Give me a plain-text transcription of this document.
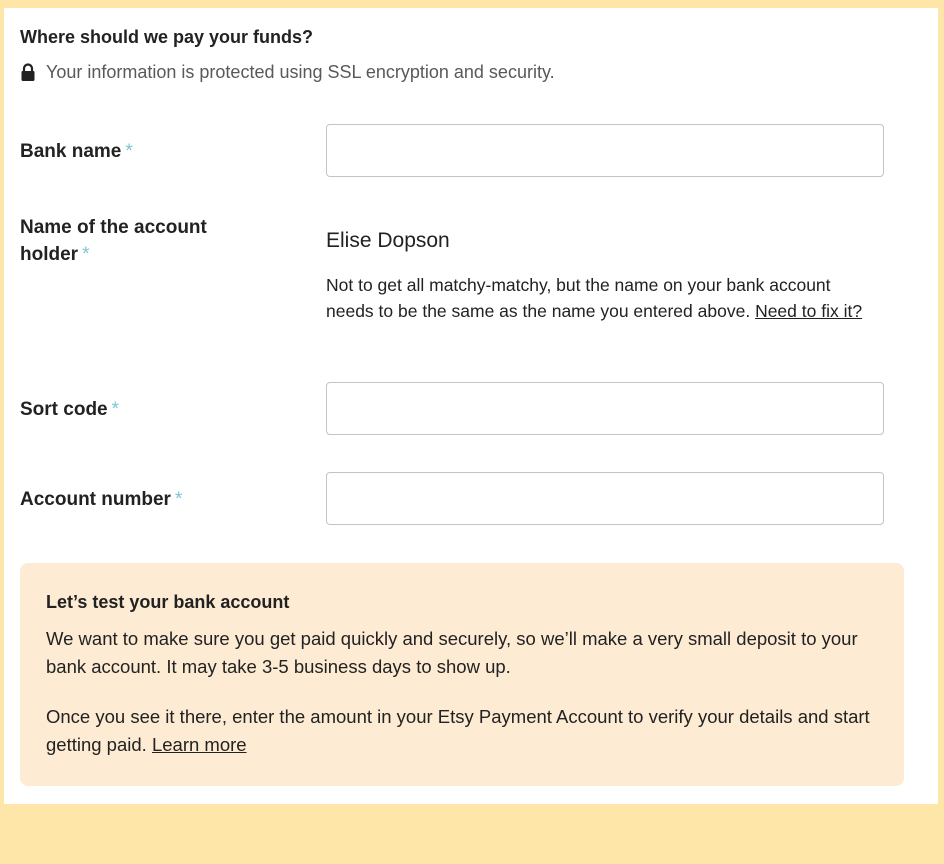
Where should we pay your funds?
Your information is protected using SSL encryption and security.
Bank name *
Name of the account holder *
Elise Dopson
Not to get all matchy-matchy, but the name on your bank account needs to be the same as the name you entered above. Need to fix it?
Sort code *
Account number *

Let’s test your bank account

We want to make sure you get paid quickly and securely, so we’ll make a very small deposit to your bank account. It may take 3-5 business days to show up.

Once you see it there, enter the amount in your Etsy Payment Account to verify your details and start getting paid. Learn more
